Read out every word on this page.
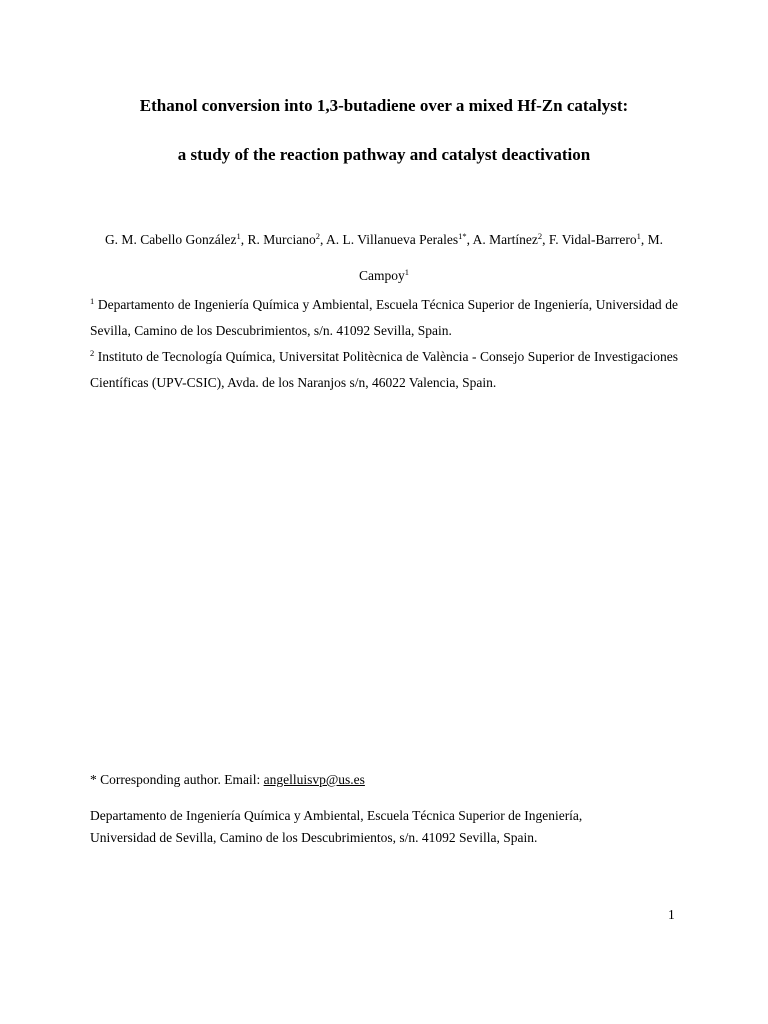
Ethanol conversion into 1,3-butadiene over a mixed Hf-Zn catalyst:
a study of the reaction pathway and catalyst deactivation
G. M. Cabello González$^1$, R. Murciano$^2$, A. L. Villanueva Perales$^{1*}$, A. Martínez$^2$, F. Vidal-Barrero$^1$, M. Campoy$^1$

$^1$ Departamento de Ingeniería Química y Ambiental, Escuela Técnica Superior de Ingeniería, Universidad de Sevilla, Camino de los Descubrimientos, s/n. 41092 Sevilla, Spain.

$^2$ Instituto de Tecnología Química, Universitat Politècnica de València - Consejo Superior de Investigaciones Científicas (UPV-CSIC), Avda. de los Naranjos s/n, 46022 Valencia, Spain.

* Corresponding author. Email: angelluisvp@us.es
Departamento de Ingeniería Química y Ambiental, Escuela Técnica Superior de Ingeniería,
Universidad de Sevilla, Camino de los Descubrimientos, s/n. 41092 Sevilla, Spain.
1
